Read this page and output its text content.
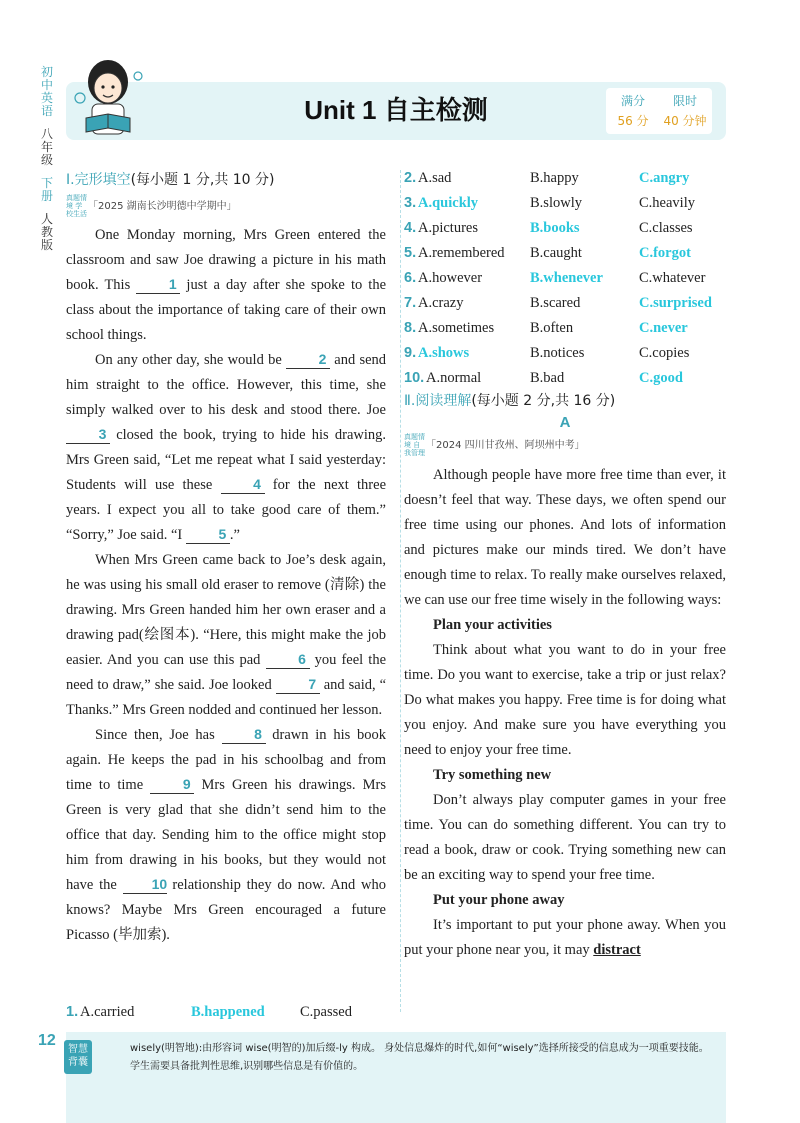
初
中
英
语
八
年
级
下
册
人
教
版
Unit 1 自主检测	满分
56 分
限时
40 分钟
Ⅰ.完形填空(每小题 1 分,共 10 分)
真题情境 学校生活「2025 湖南长沙明德中学期中」

One Monday morning, Mrs Green entered the classroom and saw Joe drawing a picture in his math book. This	1 just a day after she spoke to the class about the importance of taking care of their own school things.

On any other day, she would be	2 and send him straight to the office. However, this time, she simply walked over to his desk and stood there. Joe 3 closed the book, trying to hide his drawing. Mrs Green said, “Let me repeat what I said yesterday: Students will use these	4 for the next three years. I expect you all to take good care of them.” “Sorry,” Joe said. “I	5 .”

When Mrs Green came back to Joe’s desk again, he was using his small old eraser to remove (清除) the drawing. Mrs Green handed him her own eraser and a drawing pad(绘图本). “Here, this might make the job easier. And you can use this pad	6 you feel the need to draw,” she said. Joe looked	7 and said, “ Thanks.” Mrs Green nodded and continued her lesson.

Since then, Joe has	8 drawn in his book again. He keeps the pad in his schoolbag and from time to time	9 Mrs Green his drawings. Mrs Green is very glad that she didn’t send him to the office that day. Sending him to the office might stop him from drawing in his books, but they would not have the 10 relationship they do now. And who knows? Maybe Mrs Green encouraged a future Picasso (毕加索).

1. A.carried	B.happened C.passed
2. A.sad	B.happy	C.angry
3. A.quickly	B.slowly	C.heavily
4. A.pictures	B.books	C.classes
5. A.remembered B.caught	C.forgot
6. A.however	B.whenever C.whatever
7. A.crazy	B.scared	C.surprised
8. A.sometimes B.often	C.never
9. A.shows	B.notices	C.copies
10. A.normal	B.bad	C.good
Ⅱ.阅读理解(每小题 2 分,共 16 分)
A
真题情境 自我管理「2024 四川甘孜州、阿坝州中考」

Although people have more free time than ever, it doesn’t feel that way. These days, we often spend our free time using our phones. And lots of information and pictures make our minds tired. We don’t have enough time to relax. To really make ourselves relaxed, we can use our free time wisely in the following ways:

Plan your activities

Think about what you want to do in your free time. Do you want to exercise, take a trip or just relax? Do what makes you happy. Free time is for doing what you enjoy. And make sure you have everything you need to enjoy your free time.

Try something new

Don’t always play computer games in your free time. You can do something different. You can try to read a book, draw or cook. Trying something new can be an exciting way to spend your free time.

Put your phone away

It’s important to put your phone away. When you put your phone near you, it may distract

12
智慧背囊
wisely(明智地):由形容词 wise(明智的)加后缀-ly 构成。 身处信息爆炸的时代,如何“wisely”选择所接受的信息成为一项重要技能。 学生需要具备批判性思维,识别哪些信息是有价值的。
